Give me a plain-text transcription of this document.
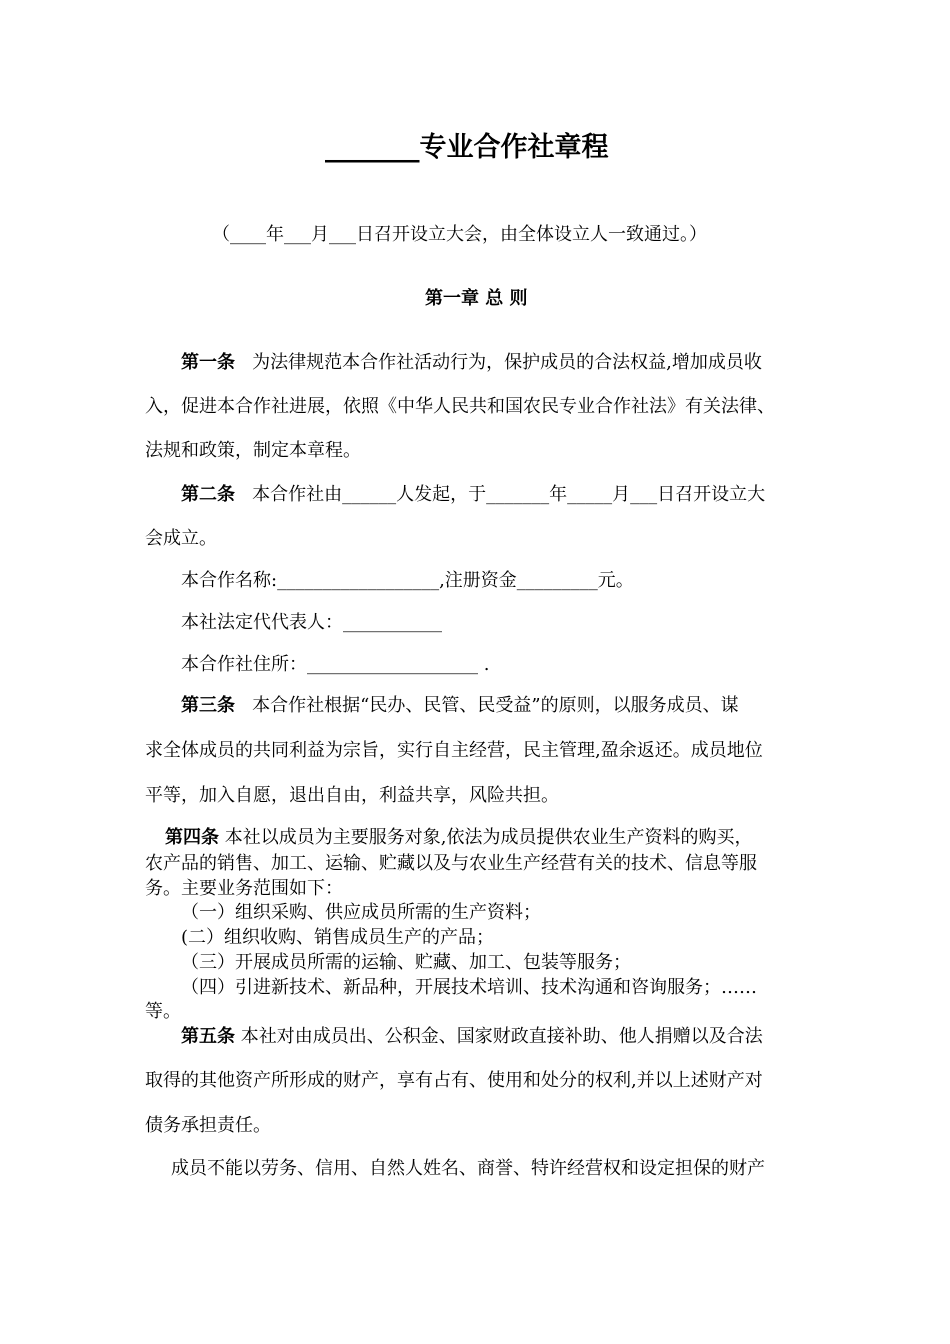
_______专业合作社章程
（____年___月___日召开设立大会，由全体设立人一致通过。）
第一章 总 则
第一条 为法律规范本合作社活动行为，保护成员的合法权益,增加成员收
入，促进本合作社进展，依照《中华人民共和国农民专业合作社法》有关法律、
法规和政策，制定本章程。
第二条 本合作社由______人发起，于_______年_____月___日召开设立大
会成立。
本合作名称:__________________,注册资金_________元。
本社法定代代表人：___________
本合作社住所：___________________ .
第三条 本合作社根据“民办、民管、民受益”的原则，以服务成员、谋
求全体成员的共同利益为宗旨，实行自主经营，民主管理,盈余返还。成员地位
平等，加入自愿，退出自由，利益共享，风险共担。
第四条 本社以成员为主要服务对象,依法为成员提供农业生产资料的购买，
农产品的销售、加工、运输、贮藏以及与农业生产经营有关的技术、信息等服
务。主要业务范围如下：
（一）组织采购、供应成员所需的生产资料；
(二）组织收购、销售成员生产的产品；
（三）开展成员所需的运输、贮藏、加工、包装等服务；
（四）引进新技术、新品种，开展技术培训、技术沟通和咨询服务；……
等。
第五条 本社对由成员出、公积金、国家财政直接补助、他人捐赠以及合法
取得的其他资产所形成的财产，享有占有、使用和处分的权利,并以上述财产对
债务承担责任。
成员不能以劳务、信用、自然人姓名、商誉、特许经营权和设定担保的财产
